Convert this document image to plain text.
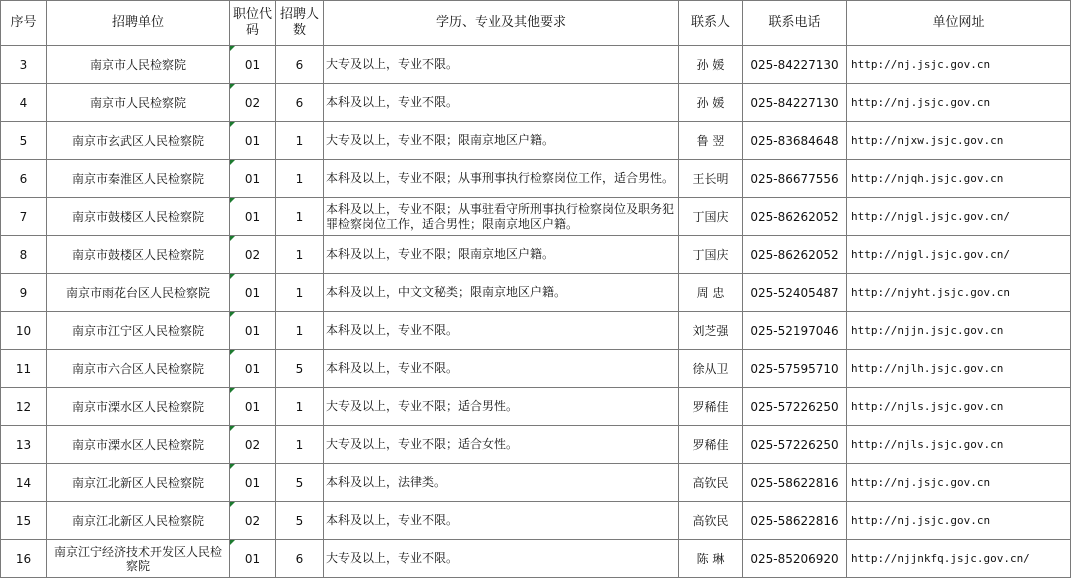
序号	招聘单位	职位代码	招聘人数	学历、专业及其他要求	联系人	联系电话	单位网址
3	南京市人民检察院	01	6	大专及以上，专业不限。	孙 媛	025-84227130	http://nj.jsjc.gov.cn
4	南京市人民检察院	02	6	本科及以上，专业不限。	孙 媛	025-84227130	http://nj.jsjc.gov.cn
5	南京市玄武区人民检察院	01	1	大专及以上，专业不限；限南京地区户籍。	鲁 翌	025-83684648	http://njxw.jsjc.gov.cn
6	南京市秦淮区人民检察院	01	1	本科及以上，专业不限；从事刑事执行检察岗位工作，适合男性。	王长明	025-86677556	http://njqh.jsjc.gov.cn
7	南京市鼓楼区人民检察院	01	1	本科及以上，专业不限；从事驻看守所刑事执行检察岗位及职务犯罪检察岗位工作，适合男性；限南京地区户籍。	丁国庆	025-86262052	http://njgl.jsjc.gov.cn/
8	南京市鼓楼区人民检察院	02	1	本科及以上，专业不限；限南京地区户籍。	丁国庆	025-86262052	http://njgl.jsjc.gov.cn/
9	南京市雨花台区人民检察院	01	1	本科及以上，中文文秘类；限南京地区户籍。	周 忠	025-52405487	http://njyht.jsjc.gov.cn
10	南京市江宁区人民检察院	01	1	本科及以上，专业不限。	刘芝强	025-52197046	http://njjn.jsjc.gov.cn
11	南京市六合区人民检察院	01	5	本科及以上，专业不限。	徐从卫	025-57595710	http://njlh.jsjc.gov.cn
12	南京市溧水区人民检察院	01	1	大专及以上，专业不限；适合男性。	罗稀佳	025-57226250	http://njls.jsjc.gov.cn
13	南京市溧水区人民检察院	02	1	大专及以上，专业不限；适合女性。	罗稀佳	025-57226250	http://njls.jsjc.gov.cn
14	南京江北新区人民检察院	01	5	本科及以上，法律类。	高钦民	025-58622816	http://nj.jsjc.gov.cn
15	南京江北新区人民检察院	02	5	本科及以上，专业不限。	高钦民	025-58622816	http://nj.jsjc.gov.cn
16	南京江宁经济技术开发区人民检察院	01	6	大专及以上，专业不限。	陈 琳	025-85206920	http://njjnkfq.jsjc.gov.cn/
